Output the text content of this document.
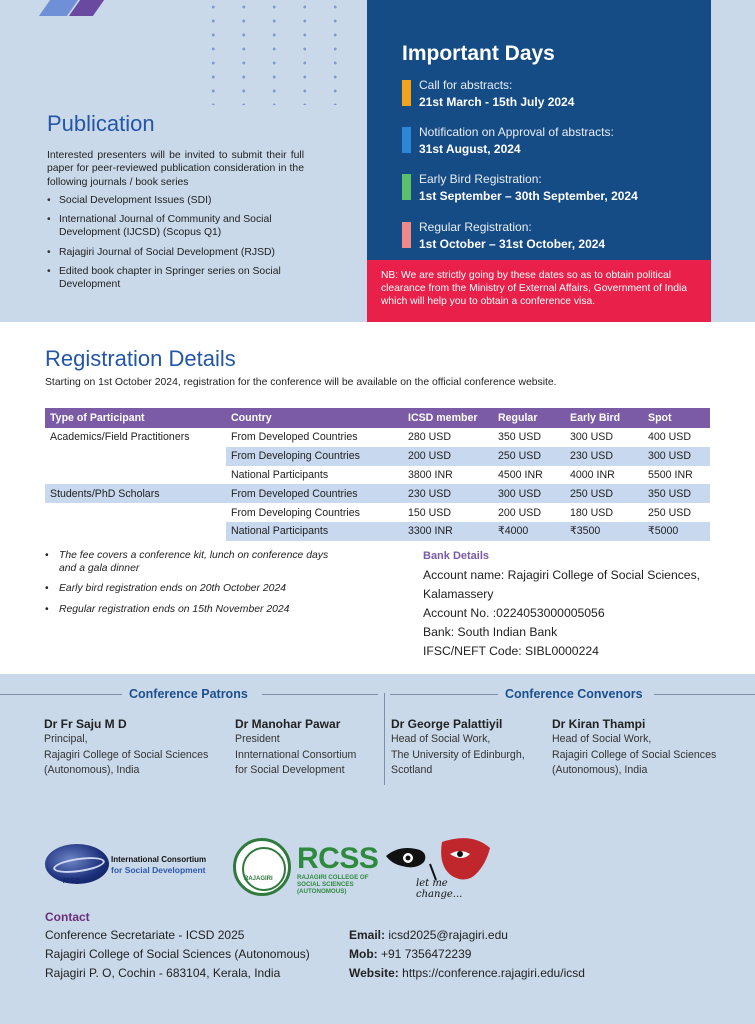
Publication
Interested presenters will be invited to submit their full paper for peer-reviewed publication consideration in the following journals / book series
• Social Development Issues (SDI)
• International Journal of Community and Social Development (IJCSD) (Scopus Q1)
• Rajagiri Journal of Social Development (RJSD)
• Edited book chapter in Springer series on Social Development
Important Days
Call for abstracts:
21st March - 15th July 2024
Notification on Approval of abstracts:
31st August, 2024
Early Bird Registration:
1st September – 30th September, 2024
Regular Registration:
1st October – 31st October, 2024
NB: We are strictly going by these dates so as to obtain political clearance from the Ministry of External Affairs, Government of India which will help you to obtain a conference visa.
Registration Details
Starting on 1st October 2024, registration for the conference will be available on the official conference website.
Type of Participant	Country	ICSD member	Regular	Early Bird	Spot
Academics/Field Practitioners	From Developed Countries	280 USD	350 USD	300 USD	400 USD
	From Developing Countries	200 USD	250 USD	230 USD	300 USD
	National Participants	3800 INR	4500 INR	4000 INR	5500 INR
Students/PhD Scholars	From Developed Countries	230 USD	300 USD	250 USD	350 USD
	From Developing Countries	150 USD	200 USD	180 USD	250 USD
	National Participants	3300 INR	₹4000	₹3500	₹5000
• The fee covers a conference kit, lunch on conference days and a gala dinner
• Early bird registration ends on 20th October 2024
• Regular registration ends on 15th November 2024
Bank Details
Account name: Rajagiri College of Social Sciences, Kalamassery
Account No. :0224053000005056
Bank: South Indian Bank
IFSC/NEFT Code: SIBL0000224
Conference Patrons	Conference Convenors
Dr Fr Saju M D
Principal,
Rajagiri College of Social Sciences
(Autonomous), India
Dr Manohar Pawar
President
Innternational Consortium
for Social Development
Dr George Palattiyil
Head of Social Work,
The University of Edinburgh,
Scotland
Dr Kiran Thampi
Head of Social Work,
Rajagiri College of Social Sciences
(Autonomous), India
ICSD
International Consortium
for Social Development
RAJAGIRI
RCSS
RAJAGIRI COLLEGE OF SOCIAL SCIENCES (AUTONOMOUS)
let me change...
Contact
Conference Secretariate - ICSD 2025
Rajagiri College of Social Sciences (Autonomous)
Rajagiri P. O, Cochin - 683104, Kerala, India
Email: icsd2025@rajagiri.edu
Mob: +91 7356472239
Website: https://conference.rajagiri.edu/icsd
